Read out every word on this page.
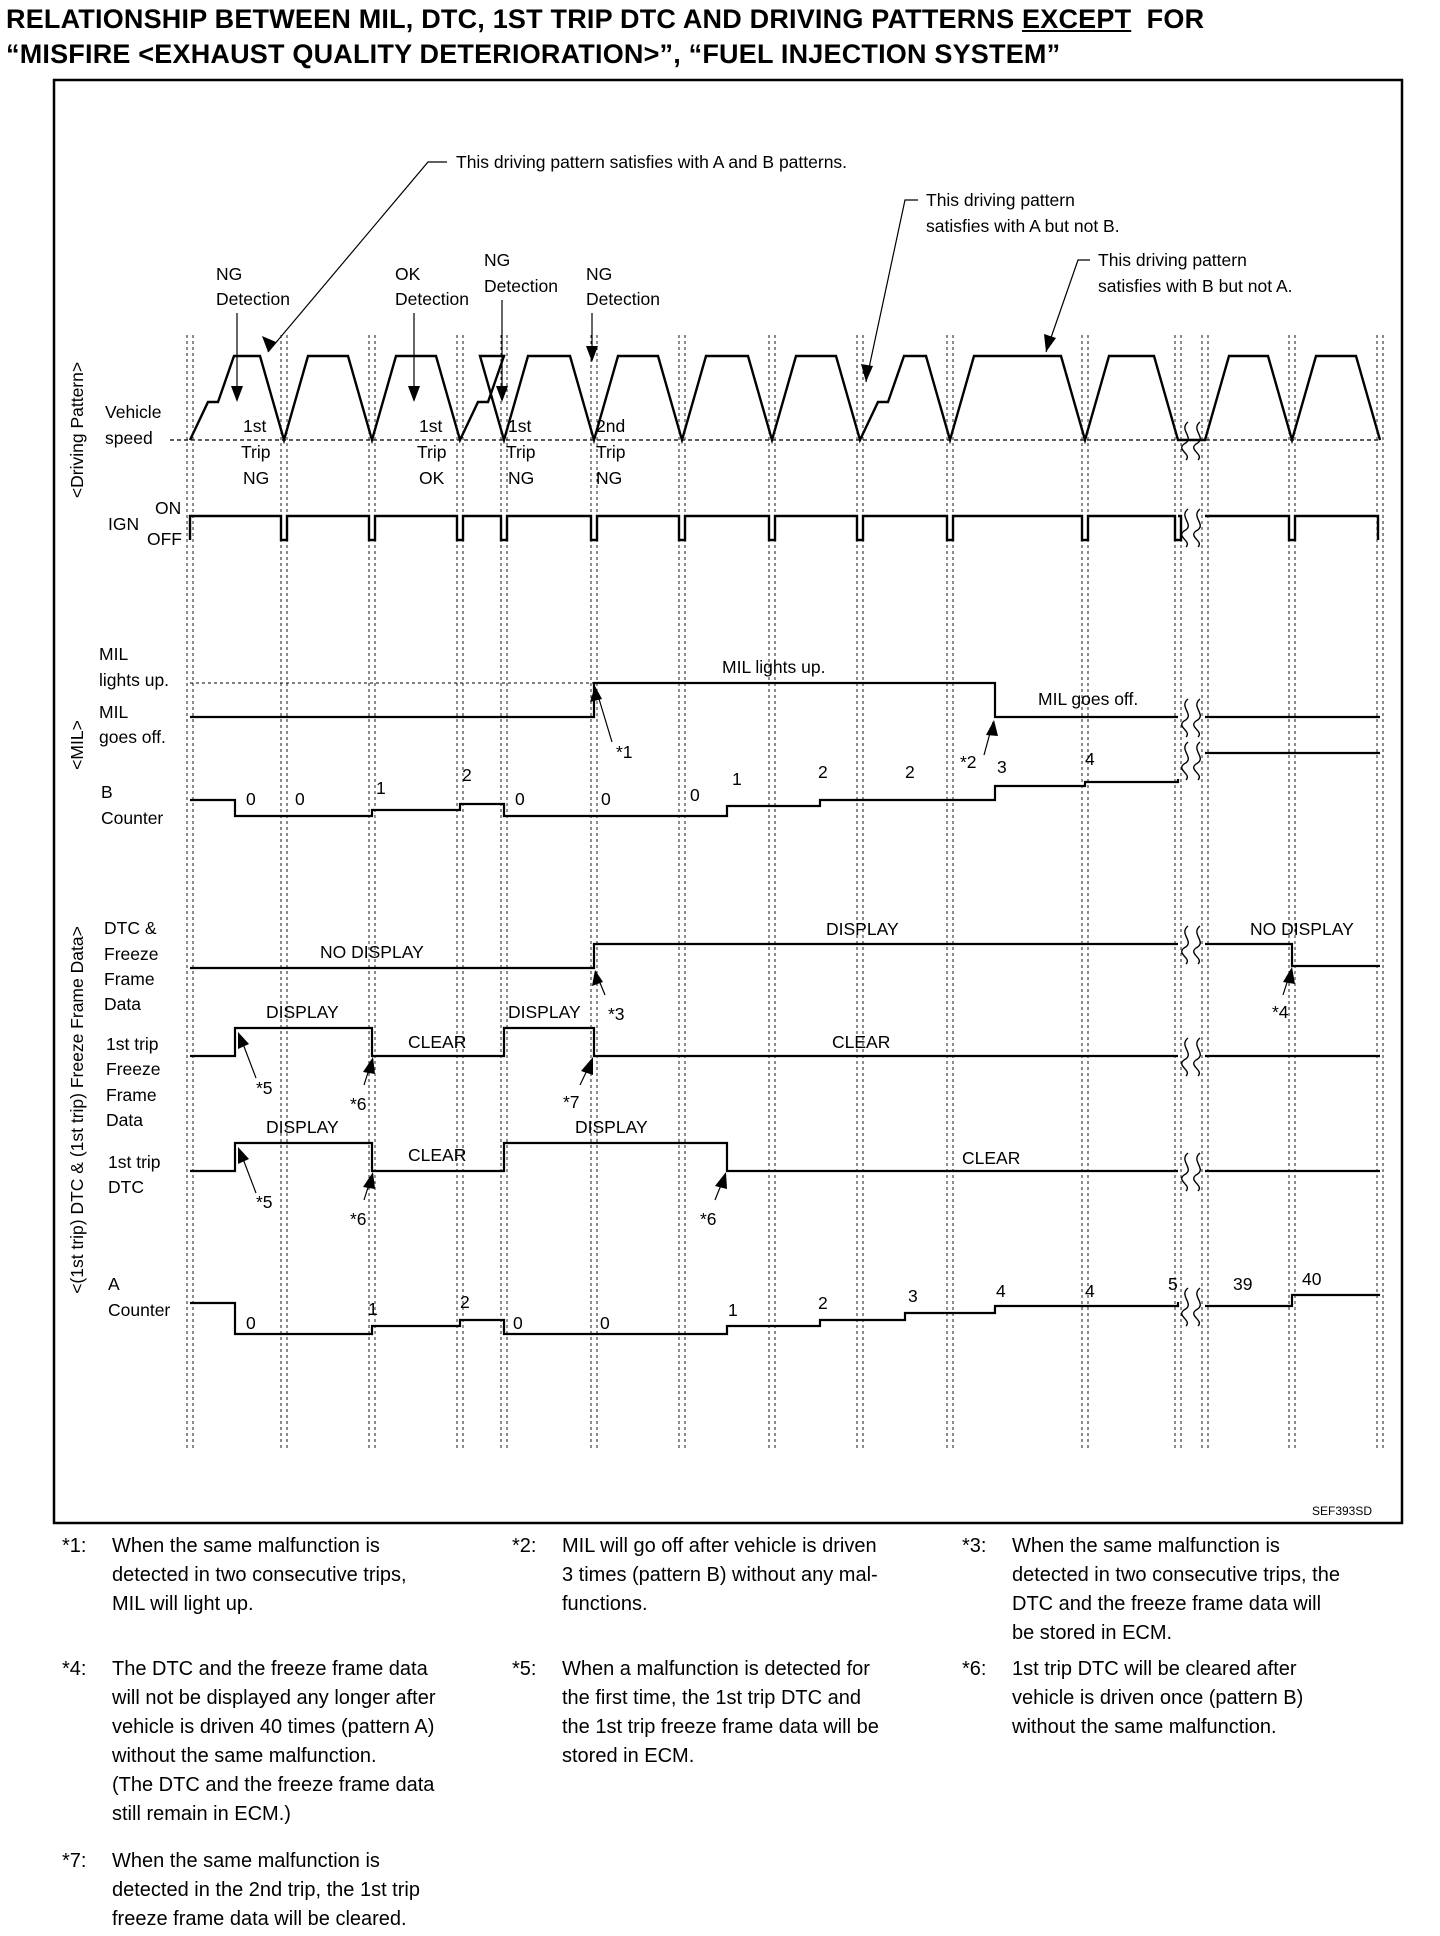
RELATIONSHIP BETWEEN MIL, DTC, 1ST TRIP DTC AND DRIVING PATTERNS EXCEPT  FOR
“MISFIRE <EXHAUST QUALITY DETERIORATION>”, “FUEL INJECTION SYSTEM”
<Driving Pattern>
<MIL>
<(1st trip) DTC & (1st trip) Freeze Frame Data>
Vehicle
speed
IGN
ON
OFF
MIL
lights up.
MIL
goes off.
B
Counter
DTC &
Freeze
Frame
Data
1st trip
Freeze
Frame
Data
1st trip
DTC
A
Counter
This driving pattern satisfies with A and B patterns.
This driving pattern
satisfies with A but not B.
This driving pattern
satisfies with B but not A.
NG
Detection
OK
Detection
NG
Detection
NG
Detection
1st
Trip
NG
1st
Trip
OK
1st
Trip
NG
2nd
Trip
NG
MIL lights up.
MIL goes off.
*1	*2
0 0
1
2
0	0	0
1	2	2	3	4
NO DISPLAY
DISPLAY	NO DISPLAY
*3	*4
DISPLAY
CLEAR
DISPLAY
CLEAR
*5
*6	*7
DISPLAY
CLEAR
DISPLAY
CLEAR
*5
*6	*6
0
1	2
0	0
1	2	3	4	4	5	39	40
SEF393SD
*1: When the same malfunction is
detected in two consecutive trips,
MIL will light up.
*2: MIL will go off after vehicle is driven
3 times (pattern B) without any mal-
functions.
*3: When the same malfunction is
detected in two consecutive trips, the
DTC and the freeze frame data will
be stored in ECM.
*4: The DTC and the freeze frame data
will not be displayed any longer after
vehicle is driven 40 times (pattern A)
without the same malfunction.
(The DTC and the freeze frame data
still remain in ECM.)
*5: When a malfunction is detected for
the first time, the 1st trip DTC and
the 1st trip freeze frame data will be
stored in ECM.
*6: 1st trip DTC will be cleared after
vehicle is driven once (pattern B)
without the same malfunction.
*7: When the same malfunction is
detected in the 2nd trip, the 1st trip
freeze frame data will be cleared.
